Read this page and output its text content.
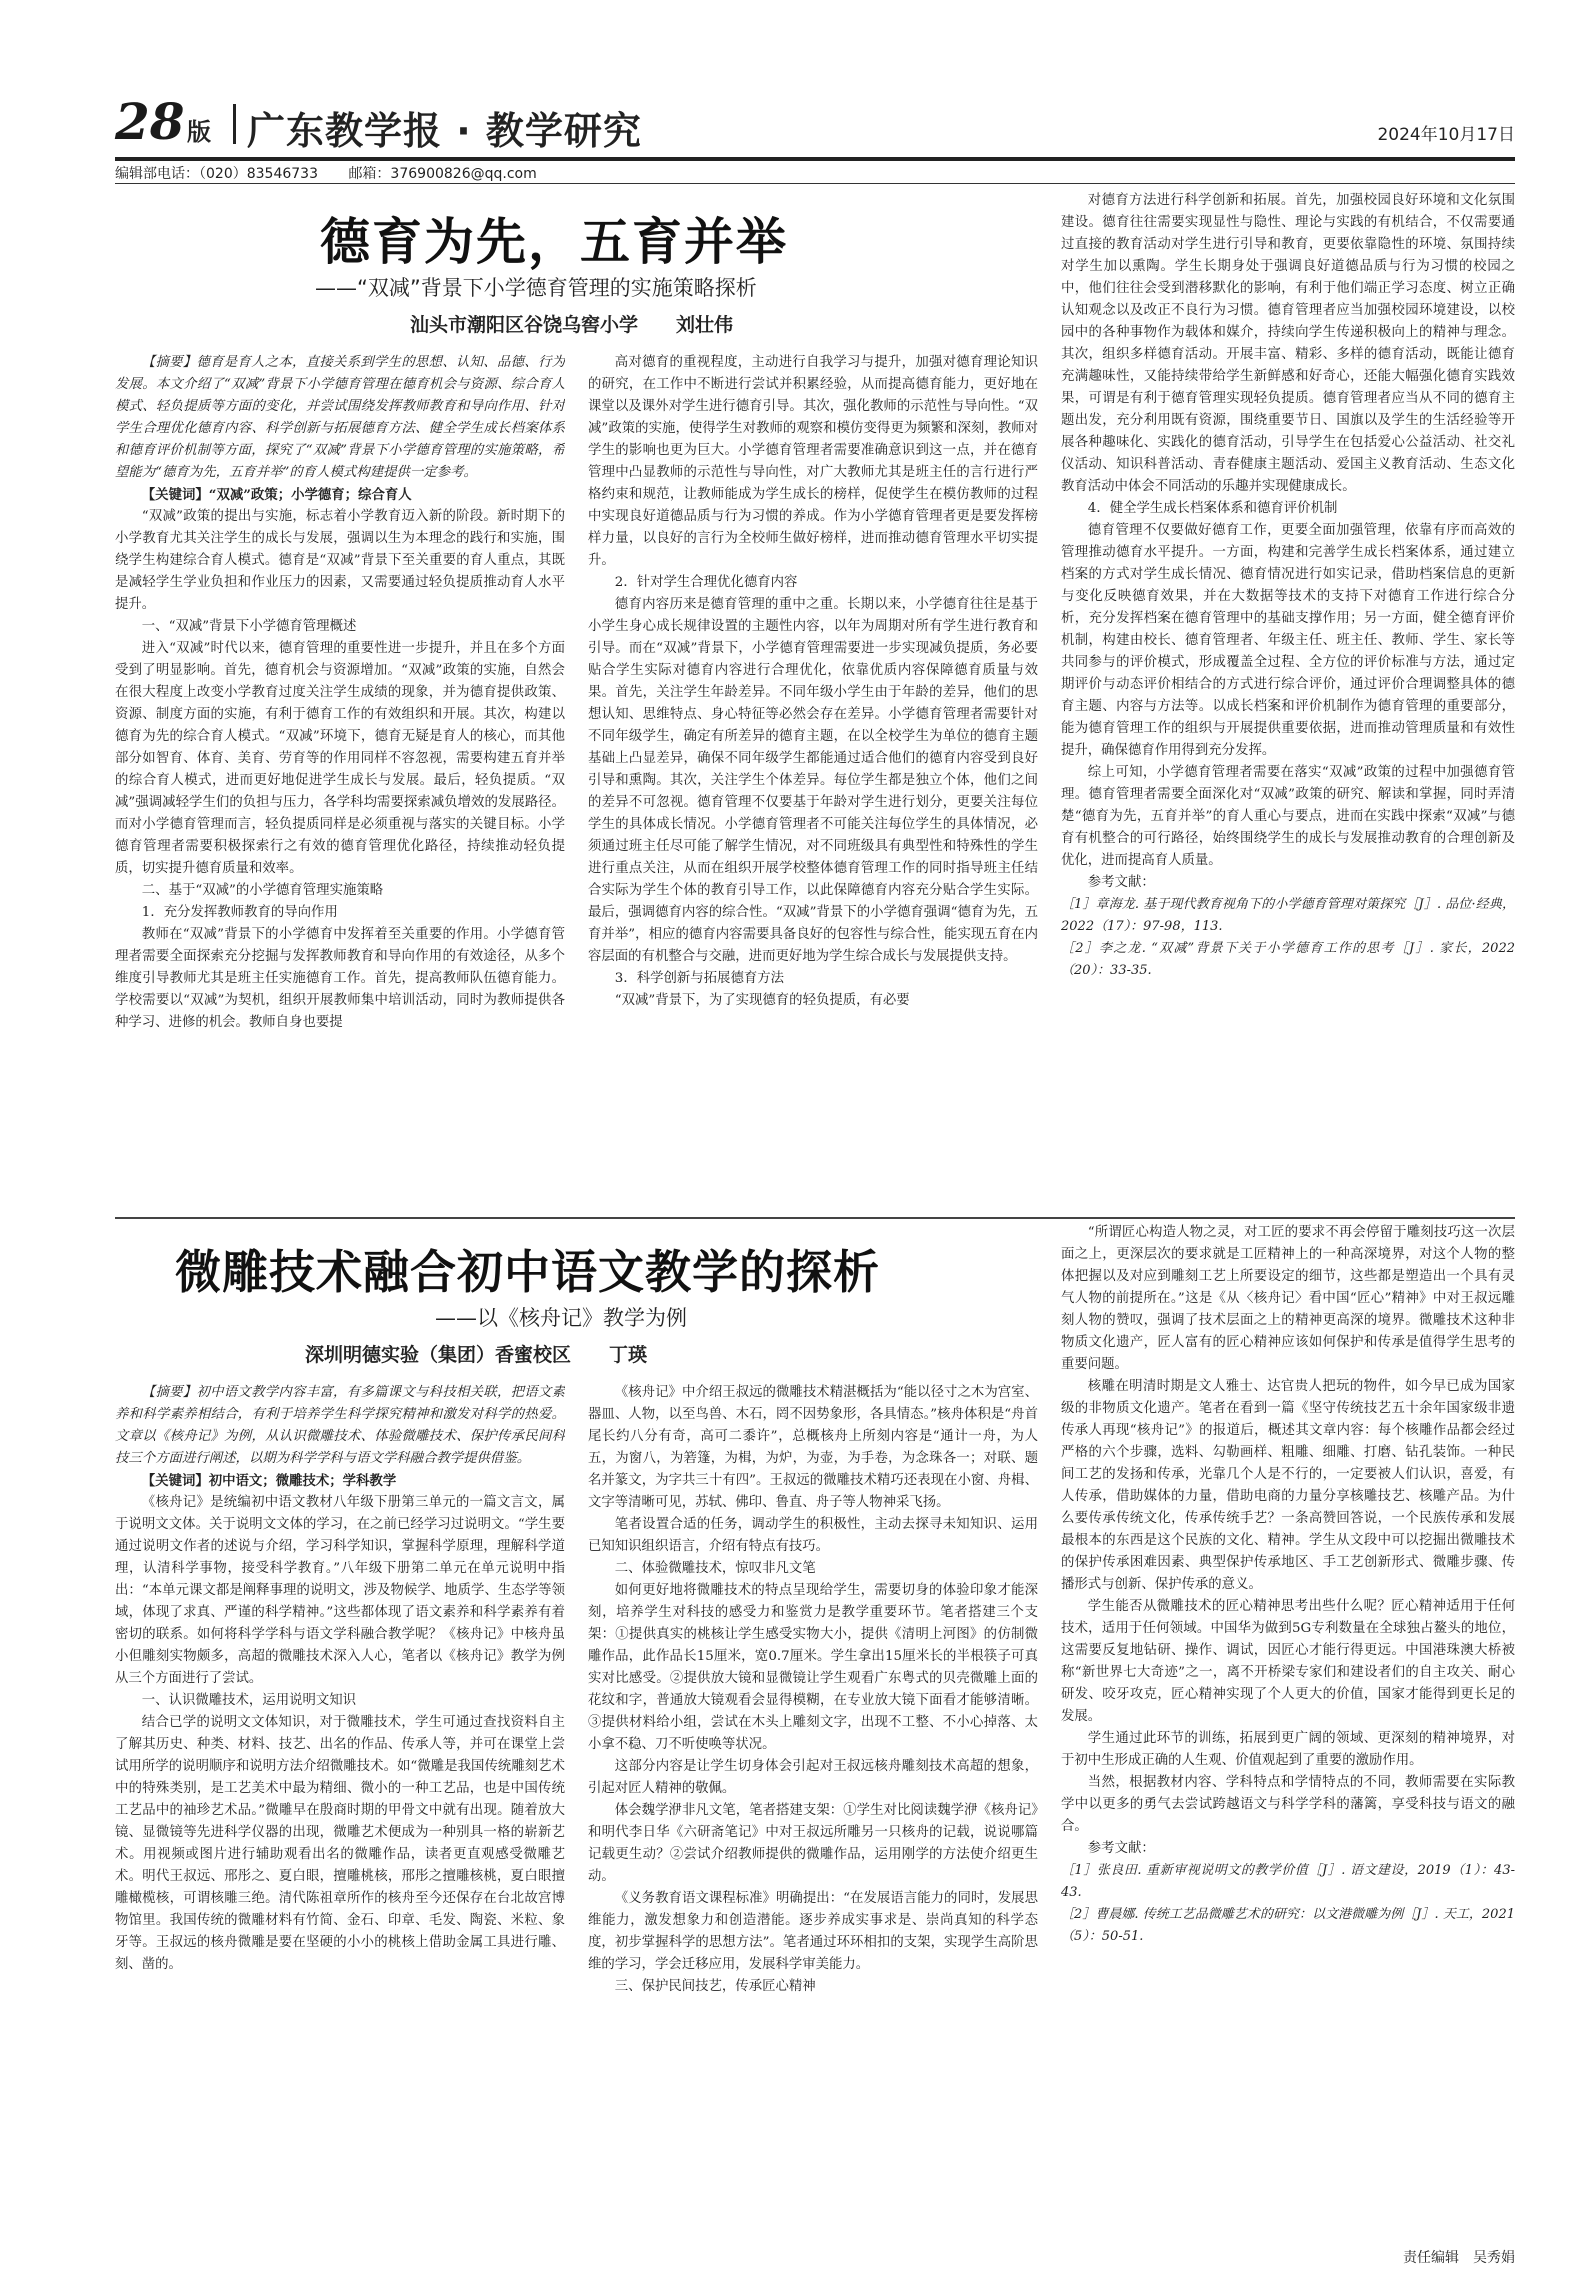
28 版 广东教学报 · 教学研究	2024年10月17日
编辑部电话：（020）83546733 邮箱：376900826@qq.com
德育为先，五育并举
——“双减”背景下小学德育管理的实施策略探析
汕头市潮阳区谷饶乌窖小学　　刘壮伟

【摘要】德育是育人之本，直接关系到学生的思想、认知、品德、行为发展。本文介绍了“双减”背景下小学德育管理在德育机会与资源、综合育人模式、轻负提质等方面的变化，并尝试围绕发挥教师教育和导向作用、针对学生合理优化德育内容、科学创新与拓展德育方法、健全学生成长档案体系和德育评价机制等方面，探究了“双减”背景下小学德育管理的实施策略，希望能为“德育为先，五育并举”的育人模式构建提供一定参考。

【关键词】“双减”政策；小学德育；综合育人

“双减”政策的提出与实施，标志着小学教育迈入新的阶段。新时期下的小学教育尤其关注学生的成长与发展，强调以生为本理念的践行和实施，围绕学生构建综合育人模式。德育是“双减”背景下至关重要的育人重点，其既是减轻学生学业负担和作业压力的因素，又需要通过轻负提质推动育人水平提升。

一、“双减”背景下小学德育管理概述

进入“双减”时代以来，德育管理的重要性进一步提升，并且在多个方面受到了明显影响。首先，德育机会与资源增加。“双减”政策的实施，自然会在很大程度上改变小学教育过度关注学生成绩的现象，并为德育提供政策、资源、制度方面的实施，有利于德育工作的有效组织和开展。其次，构建以德育为先的综合育人模式。“双减”环境下，德育无疑是育人的核心，而其他部分如智育、体育、美育、劳育等的作用同样不容忽视，需要构建五育并举的综合育人模式，进而更好地促进学生成长与发展。最后，轻负提质。“双减”强调减轻学生们的负担与压力，各学科均需要探索减负增效的发展路径。而对小学德育管理而言，轻负提质同样是必须重视与落实的关键目标。小学德育管理者需要积极探索行之有效的德育管理优化路径，持续推动轻负提质，切实提升德育质量和效率。

二、基于“双减”的小学德育管理实施策略

1．充分发挥教师教育的导向作用

教师在“双减”背景下的小学德育中发挥着至关重要的作用。小学德育管理者需要全面探索充分挖掘与发挥教师教育和导向作用的有效途径，从多个维度引导教师尤其是班主任实施德育工作。首先，提高教师队伍德育能力。学校需要以“双减”为契机，组织开展教师集中培训活动，同时为教师提供各种学习、进修的机会。教师自身也要提

高对德育的重视程度，主动进行自我学习与提升，加强对德育理论知识的研究，在工作中不断进行尝试并积累经验，从而提高德育能力，更好地在课堂以及课外对学生进行德育引导。其次，强化教师的示范性与导向性。“双减”政策的实施，使得学生对教师的观察和模仿变得更为频繁和深刻，教师对学生的影响也更为巨大。小学德育管理者需要准确意识到这一点，并在德育管理中凸显教师的示范性与导向性，对广大教师尤其是班主任的言行进行严格约束和规范，让教师能成为学生成长的榜样，促使学生在模仿教师的过程中实现良好道德品质与行为习惯的养成。作为小学德育管理者更是要发挥榜样力量，以良好的言行为全校师生做好榜样，进而推动德育管理水平切实提升。

2．针对学生合理优化德育内容

德育内容历来是德育管理的重中之重。长期以来，小学德育往往是基于小学生身心成长规律设置的主题性内容，以年为周期对所有学生进行教育和引导。而在“双减”背景下，小学德育管理需要进一步实现减负提质，务必要贴合学生实际对德育内容进行合理优化，依靠优质内容保障德育质量与效果。首先，关注学生年龄差异。不同年级小学生由于年龄的差异，他们的思想认知、思维特点、身心特征等必然会存在差异。小学德育管理者需要针对不同年级学生，确定有所差异的德育主题，在以全校学生为单位的德育主题基础上凸显差异，确保不同年级学生都能通过适合他们的德育内容受到良好引导和熏陶。其次，关注学生个体差异。每位学生都是独立个体，他们之间的差异不可忽视。德育管理不仅要基于年龄对学生进行划分，更要关注每位学生的具体成长情况。小学德育管理者不可能关注每位学生的具体情况，必须通过班主任尽可能了解学生情况，对不同班级具有典型性和特殊性的学生进行重点关注，从而在组织开展学校整体德育管理工作的同时指导班主任结合实际为学生个体的教育引导工作，以此保障德育内容充分贴合学生实际。最后，强调德育内容的综合性。“双减”背景下的小学德育强调“德育为先，五育并举”，相应的德育内容需要具备良好的包容性与综合性，能实现五育在内容层面的有机整合与交融，进而更好地为学生综合成长与发展提供支持。

3．科学创新与拓展德育方法

“双减”背景下，为了实现德育的轻负提质，有必要

对德育方法进行科学创新和拓展。首先，加强校园良好环境和文化氛围建设。德育往往需要实现显性与隐性、理论与实践的有机结合，不仅需要通过直接的教育活动对学生进行引导和教育，更要依靠隐性的环境、氛围持续对学生加以熏陶。学生长期身处于强调良好道德品质与行为习惯的校园之中，他们往往会受到潜移默化的影响，有利于他们端正学习态度、树立正确认知观念以及改正不良行为习惯。德育管理者应当加强校园环境建设，以校园中的各种事物作为载体和媒介，持续向学生传递积极向上的精神与理念。其次，组织多样德育活动。开展丰富、精彩、多样的德育活动，既能让德育充满趣味性，又能持续带给学生新鲜感和好奇心，还能大幅强化德育实践效果，可谓是有利于德育管理实现轻负提质。德育管理者应当从不同的德育主题出发，充分利用既有资源，围绕重要节日、国旗以及学生的生活经验等开展各种趣味化、实践化的德育活动，引导学生在包括爱心公益活动、社交礼仪活动、知识科普活动、青春健康主题活动、爱国主义教育活动、生态文化教育活动中体会不同活动的乐趣并实现健康成长。

4．健全学生成长档案体系和德育评价机制

德育管理不仅要做好德育工作，更要全面加强管理，依靠有序而高效的管理推动德育水平提升。一方面，构建和完善学生成长档案体系，通过建立档案的方式对学生成长情况、德育情况进行如实记录，借助档案信息的更新与变化反映德育效果，并在大数据等技术的支持下对德育工作进行综合分析，充分发挥档案在德育管理中的基础支撑作用；另一方面，健全德育评价机制，构建由校长、德育管理者、年级主任、班主任、教师、学生、家长等共同参与的评价模式，形成覆盖全过程、全方位的评价标准与方法，通过定期评价与动态评价相结合的方式进行综合评价，通过评价合理调整具体的德育主题、内容与方法等。以成长档案和评价机制作为德育管理的重要部分，能为德育管理工作的组织与开展提供重要依据，进而推动管理质量和有效性提升，确保德育作用得到充分发挥。

综上可知，小学德育管理者需要在落实“双减”政策的过程中加强德育管理。德育管理者需要全面深化对“双减”政策的研究、解读和掌握，同时弄清楚“德育为先，五育并举”的育人重心与要点，进而在实践中探索“双减”与德育有机整合的可行路径，始终围绕学生的成长与发展推动教育的合理创新及优化，进而提高育人质量。

参考文献：

［1］章海龙. 基于现代教育视角下的小学德育管理对策探究［J］. 品位·经典，2022（17）：97-98，113.

［2］李之龙. “双减”背景下关于小学德育工作的思考［J］. 家长，2022（20）：33-35.

微雕技术融合初中语文教学的探析
——以《核舟记》教学为例
深圳明德实验（集团）香蜜校区　　丁瑛

【摘要】初中语文教学内容丰富，有多篇课文与科技相关联，把语文素养和科学素养相结合，有利于培养学生科学探究精神和激发对科学的热爱。文章以《核舟记》为例，从认识微雕技术、体验微雕技术、保护传承民间科技三个方面进行阐述，以期为科学学科与语文学科融合教学提供借鉴。

【关键词】初中语文；微雕技术；学科教学

《核舟记》是统编初中语文教材八年级下册第三单元的一篇文言文，属于说明文文体。关于说明文文体的学习，在之前已经学习过说明文。“学生要通过说明文作者的述说与介绍，学习科学知识，掌握科学原理，理解科学道理，认清科学事物，接受科学教育。”八年级下册第二单元在单元说明中指出：“本单元课文都是阐释事理的说明文，涉及物候学、地质学、生态学等领域，体现了求真、严谨的科学精神。”这些都体现了语文素养和科学素养有着密切的联系。如何将科学学科与语文学科融合教学呢？《核舟记》中核舟虽小但雕刻实物颇多，高超的微雕技术深入人心，笔者以《核舟记》教学为例从三个方面进行了尝试。

一、认识微雕技术，运用说明文知识

结合已学的说明文文体知识，对于微雕技术，学生可通过查找资料自主了解其历史、种类、材料、技艺、出名的作品、传承人等，并可在课堂上尝试用所学的说明顺序和说明方法介绍微雕技术。如“微雕是我国传统雕刻艺术中的特殊类别，是工艺美术中最为精细、微小的一种工艺品，也是中国传统工艺品中的袖珍艺术品。”微雕早在殷商时期的甲骨文中就有出现。随着放大镜、显微镜等先进科学仪器的出现，微雕艺术便成为一种别具一格的崭新艺术。用视频或图片进行辅助观看出名的微雕作品，读者更直观感受微雕艺术。明代王叔远、邢彤之、夏白眼，擅雕桃核，邢彤之擅雕核桃，夏白眼擅雕橄榄核，可谓核雕三绝。清代陈祖章所作的核舟至今还保存在台北故宫博物馆里。我国传统的微雕材料有竹简、金石、印章、毛发、陶瓷、米粒、象牙等。王叔远的核舟微雕是要在坚硬的小小的桃核上借助金属工具进行雕、刻、凿的。

《核舟记》中介绍王叔远的微雕技术精湛概括为“能以径寸之木为宫室、器皿、人物，以至鸟兽、木石，罔不因势象形，各具情态。”核舟体积是“舟首尾长约八分有奇，高可二黍许”，总概核舟上所刻内容是“通计一舟，为人五，为窗八，为箬篷，为楫，为炉，为壶，为手卷，为念珠各一；对联、题名并篆文，为字共三十有四”。王叔远的微雕技术精巧还表现在小窗、舟楫、文字等清晰可见，苏轼、佛印、鲁直、舟子等人物神采飞扬。

笔者设置合适的任务，调动学生的积极性，主动去探寻未知知识、运用已知知识组织语言，介绍有特点有技巧。

二、体验微雕技术，惊叹非凡文笔

如何更好地将微雕技术的特点呈现给学生，需要切身的体验印象才能深刻，培养学生对科技的感受力和鉴赏力是教学重要环节。笔者搭建三个支架：①提供真实的桃核让学生感受实物大小，提供《清明上河图》的仿制微雕作品，此作品长15厘米，宽0.7厘米。学生拿出15厘米长的半根筷子可真实对比感受。②提供放大镜和显微镜让学生观看广东粤式的贝壳微雕上面的花纹和字，普通放大镜观看会显得模糊，在专业放大镜下面看才能够清晰。③提供材料给小组，尝试在木头上雕刻文字，出现不工整、不小心掉落、太小拿不稳、刀不听使唤等状况。

这部分内容是让学生切身体会引起对王叔远核舟雕刻技术高超的想象，引起对匠人精神的敬佩。

体会魏学洢非凡文笔，笔者搭建支架：①学生对比阅读魏学洢《核舟记》和明代李日华《六研斋笔记》中对王叔远所雕另一只核舟的记载，说说哪篇记载更生动？②尝试介绍教师提供的微雕作品，运用刚学的方法使介绍更生动。

《义务教育语文课程标准》明确提出：“在发展语言能力的同时，发展思维能力，激发想象力和创造潜能。逐步养成实事求是、崇尚真知的科学态度，初步掌握科学的思想方法”。笔者通过环环相扣的支架，实现学生高阶思维的学习，学会迁移应用，发展科学审美能力。

三、保护民间技艺，传承匠心精神

“所谓匠心构造人物之灵，对工匠的要求不再会停留于雕刻技巧这一次层面之上，更深层次的要求就是工匠精神上的一种高深境界，对这个人物的整体把握以及对应到雕刻工艺上所要设定的细节，这些都是塑造出一个具有灵气人物的前提所在。”这是《从〈核舟记〉看中国“匠心”精神》中对王叔远雕刻人物的赞叹，强调了技术层面之上的精神更高深的境界。微雕技术这种非物质文化遗产，匠人富有的匠心精神应该如何保护和传承是值得学生思考的重要问题。

核雕在明清时期是文人雅士、达官贵人把玩的物件，如今早已成为国家级的非物质文化遗产。笔者在看到一篇《坚守传统技艺五十余年国家级非遗传承人再现“核舟记”》的报道后，概述其文章内容：每个核雕作品都会经过严格的六个步骤，选料、勾勒画样、粗雕、细雕、打磨、钻孔装饰。一种民间工艺的发扬和传承，光靠几个人是不行的，一定要被人们认识，喜爱，有人传承，借助媒体的力量，借助电商的力量分享核雕技艺、核雕产品。为什么要传承传统文化，传承传统手艺？一条高赞回答说，一个民族传承和发展最根本的东西是这个民族的文化、精神。学生从文段中可以挖掘出微雕技术的保护传承困难因素、典型保护传承地区、手工艺创新形式、微雕步骤、传播形式与创新、保护传承的意义。

学生能否从微雕技术的匠心精神思考出些什么呢？匠心精神适用于任何技术，适用于任何领域。中国华为做到5G专利数量在全球独占鳌头的地位，这需要反复地钻研、操作、调试，因匠心才能行得更远。中国港珠澳大桥被称“新世界七大奇迹”之一，离不开桥梁专家们和建设者们的自主攻关、耐心研发、咬牙攻克，匠心精神实现了个人更大的价值，国家才能得到更长足的发展。

学生通过此环节的训练，拓展到更广阔的领域、更深刻的精神境界，对于初中生形成正确的人生观、价值观起到了重要的激励作用。

当然，根据教材内容、学科特点和学情特点的不同，教师需要在实际教学中以更多的勇气去尝试跨越语文与科学学科的藩篱，享受科技与语文的融合。

参考文献：

［1］张良田. 重新审视说明文的教学价值［J］. 语文建设，2019（1）：43-43.

［2］曹晨娜. 传统工艺品微雕艺术的研究：以文港微雕为例［J］. 天工，2021（5）：50-51.

责任编辑　吴秀娟
